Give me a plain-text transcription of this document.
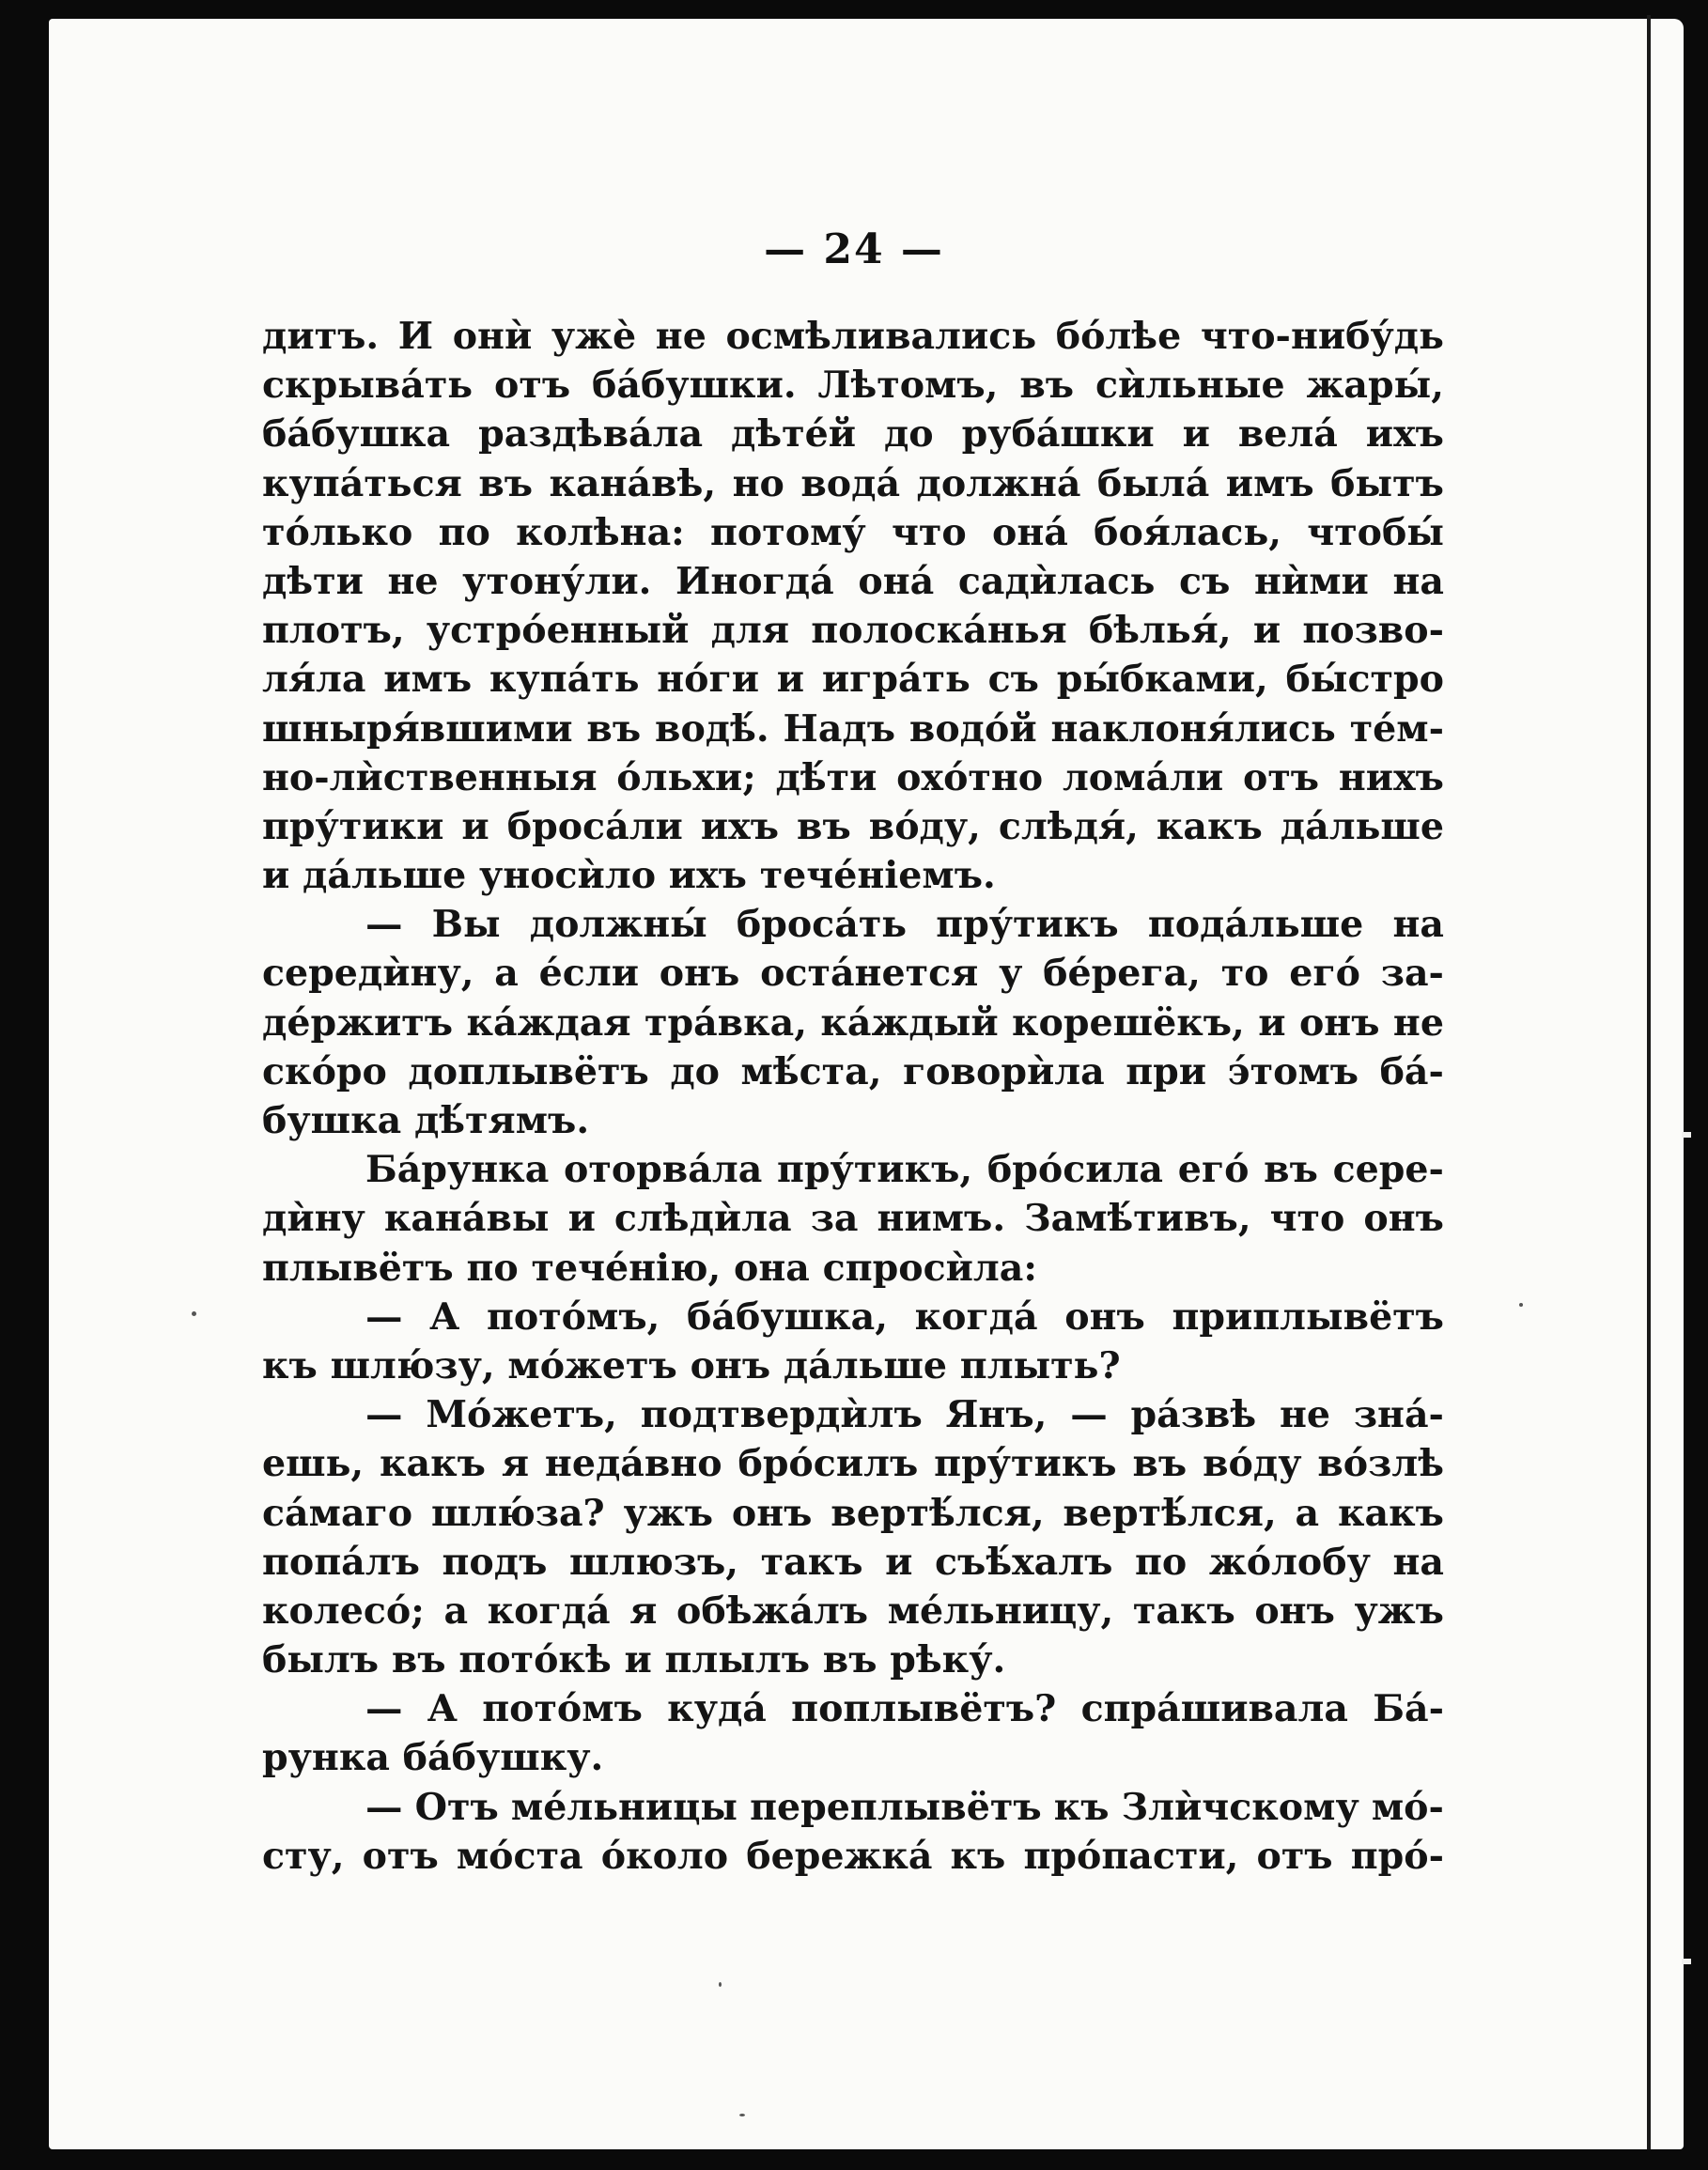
— 24 —
дитъ. И онѝ ужѐ не осмѣливались бóлѣе что-нибу́дь
скрывáть отъ бáбушки. Лѣтомъ, въ сѝльные жары́,
бáбушка раздѣвáла дѣтéй до рубáшки и велá ихъ
купáться въ канáвѣ, но водá должнá былá имъ бытъ
тóлько по колѣна: потому́ что онá боя́лась, чтобы́
дѣти не утону́ли. Иногдá онá садѝлась съ нѝми на
плотъ, устрóенный для полоскáнья бѣлья́, и позво-
ля́ла имъ купáть нóги и игрáть съ ры́бками, бы́стро
шныря́вшими въ водѣ́. Надъ водóй наклоня́лись тéм-
но-лѝственныя óльхи; дѣ́ти охóтно ломáли отъ нихъ
пру́тики и бросáли ихъ въ вóду, слѣдя́, какъ дáльше
и дáльше уносѝло ихъ течéніемъ.
— Вы должны́ бросáть пру́тикъ подáльше на
середѝну, а éсли онъ остáнется у бéрега, то егó за-
дéржитъ кáждая трáвка, кáждый корешёкъ, и онъ не
скóро доплывётъ до мѣ́ста, говорѝла при э́томъ бá-
бушка дѣ́тямъ.
Бáрунка оторвáла пру́тикъ, брóсила егó въ сере-
дѝну канáвы и слѣдѝла за нимъ. Замѣ́тивъ, что онъ
плывётъ по течéнію, она спросѝла:
— А потóмъ, бáбушка, когдá онъ приплывётъ
къ шлю́зу, мóжетъ онъ дáльше плыть?
— Мóжетъ, подтвердѝлъ Янъ, — рáзвѣ не знá-
ешь, какъ я недáвно брóсилъ пру́тикъ въ вóду вóзлѣ
сáмаго шлю́за? ужъ онъ вертѣ́лся, вертѣ́лся, а какъ
попáлъ подъ шлюзъ, такъ и съѣ́халъ по жóлобу на
колесó; а когдá я обѣжáлъ мéльницу, такъ онъ ужъ
былъ въ потóкѣ и плылъ въ рѣку́.
— А потóмъ кудá поплывётъ? спрáшивала Бá-
рунка бáбушку.
— Отъ мéльницы переплывётъ къ Злѝчскому мó-
сту, отъ мóста óколо бережкá къ прóпасти, отъ прó-
